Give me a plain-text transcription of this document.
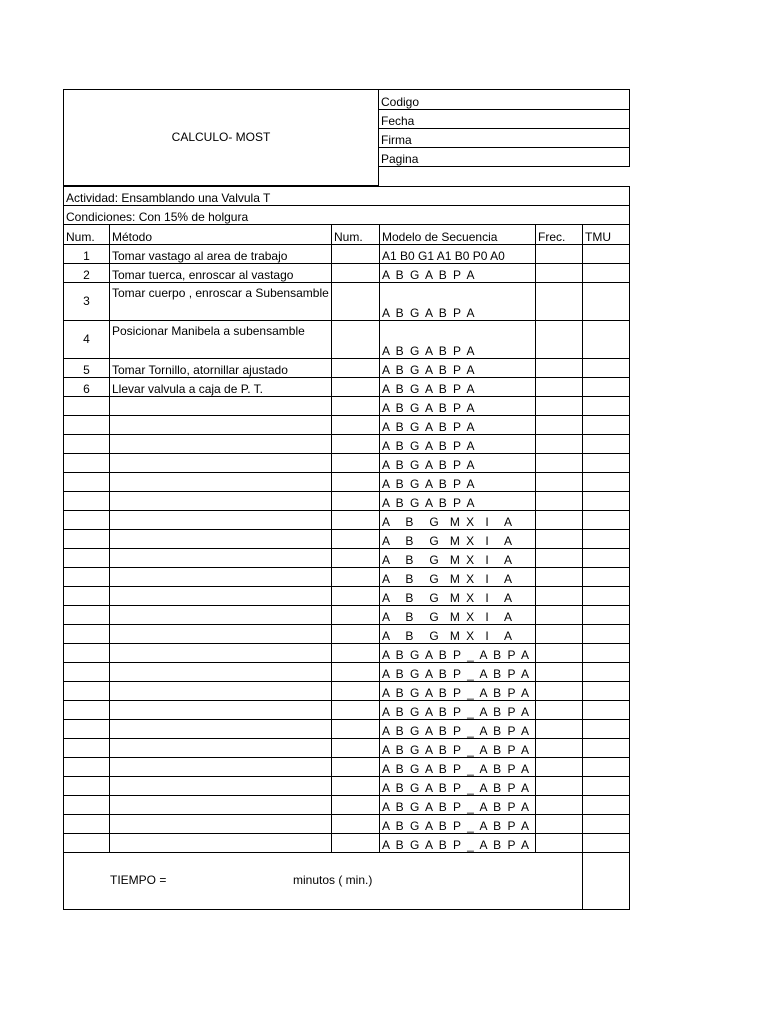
CALCULO- MOST	Codigo
Fecha
Firma
Pagina

Actividad: Ensamblando una Valvula T					
Condiciones: Con 15% de holgura					
Num.	Método	Num.	Modelo de Secuencia	Frec.	TMU
1	Tomar vastago al area de trabajo		A1 B0 G1 A1 B0 P0 A0		
2	Tomar tuerca, enroscar al vastago		A B G A B P A		
3	Tomar cuerpo , enroscar a Subensamble		A B G A B P A		
4	Posicionar Manibela a subensamble		A B G A B P A		
5	Tomar Tornillo, atornillar ajustado		A B G A B P A		
6	Llevar valvula a caja de P. T.		A B G A B P A		
			A B G A B P A		
			A B G A B P A		
			A B G A B P A		
			A B G A B P A		
			A B G A B P A		
			A B G A B P A		
			A   B   G  M X  I   A		
			A   B   G  M X  I   A		
			A   B   G  M X  I   A		
			A   B   G  M X  I   A		
			A   B   G  M X  I   A		
			A   B   G  M X  I   A		
			A   B   G  M X  I   A		
			A B G A B P _ A B P A		
			A B G A B P _ A B P A		
			A B G A B P _ A B P A		
			A B G A B P _ A B P A		
			A B G A B P _ A B P A		
			A B G A B P _ A B P A		
			A B G A B P _ A B P A		
			A B G A B P _ A B P A		
			A B G A B P _ A B P A		
			A B G A B P _ A B P A		
			A B G A B P _ A B P A		

TIEMPO = minutos ( min.)					
